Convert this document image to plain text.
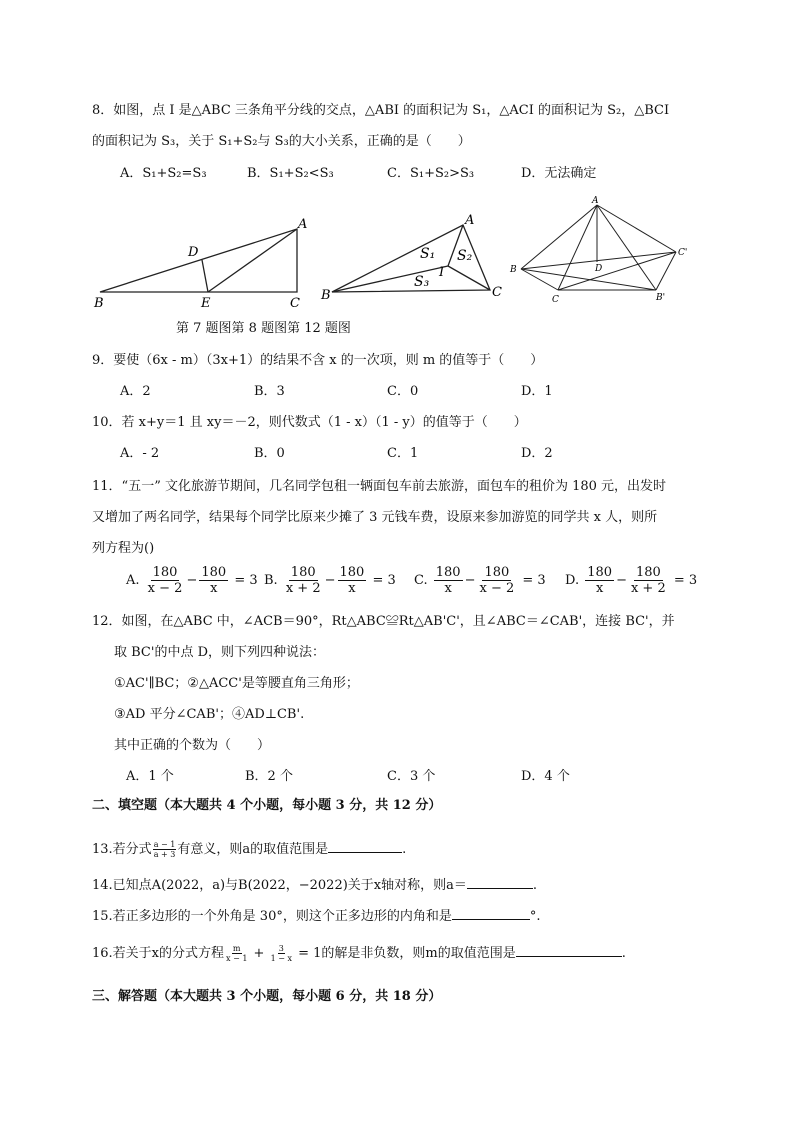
8．如图，点 I 是△ABC 三条角平分线的交点，△ABI 的面积记为 S₁，△ACI 的面积记为 S₂，△BCI
的面积记为 S₃，关于 S₁+S₂与 S₃的大小关系，正确的是（　　）
A．S₁+S₂=S₃	B．S₁+S₂<S₃	C．S₁+S₂>S₃	D．无法确定
A
D
B	E	C
A
S₁ S₂
I
S₃
B	C
A
C'
B	D
C	B'
第 7 题图第 8 题图第 12 题图
9．要使（6x - m）（3x+1）的结果不含 x 的一次项，则 m 的值等于（　　）
A．2	B．3	C．0	D．1
10．若 x+y＝1 且 xy＝－2，则代数式（1 - x）（1 - y）的值等于（　　）
A．- 2	B．0	C．1	D．2
11．“五一” 文化旅游节期间，几名同学包租一辆面包车前去旅游，面包车的租价为 180 元，出发时
又增加了两名同学，结果每个同学比原来少摊了 3 元钱车费，设原来参加游览的同学共 x 人，则所
列方程为()
A. $\frac{180}{x - 2} - \frac{180}{x} = 3$ B. $\frac{180}{x + 2} - \frac{180}{x} = 3$ C. $\frac{180}{x} - \frac{180}{x - 2} = 3$ D. $\frac{180}{x} - \frac{180}{x + 2} = 3$
12．如图，在△ABC 中，∠ACB＝90°，Rt△ABC≌Rt△AB'C'，且∠ABC＝∠CAB'，连接 BC'，并
取 BC'的中点 D，则下列四种说法：
①AC'∥BC；②△ACC'是等腰直角三角形；
③AD 平分∠CAB'；④AD⊥CB'.
其中正确的个数为（　　）
A．1 个	B．2 个	C．3 个	D．4 个
二、填空题（本大题共 4 个小题，每小题 3 分，共 12 分）
13.若分式 $\frac{a - 1}{a + 3}$ 有意义，则a的取值范围是	.
14.已知点A(2022，a)与B(2022，−2022)关于x轴对称，则a＝	.
15.若正多边形的一个外角是 30°，则这个正多边形的内角和是	°.
16.若关于x的分式方程 $\frac{m}{x - 1} + \frac{3}{1 - x} = 1$的解是非负数，则m的取值范围是	.
三、解答题（本大题共 3 个小题，每小题 6 分，共 18 分）
